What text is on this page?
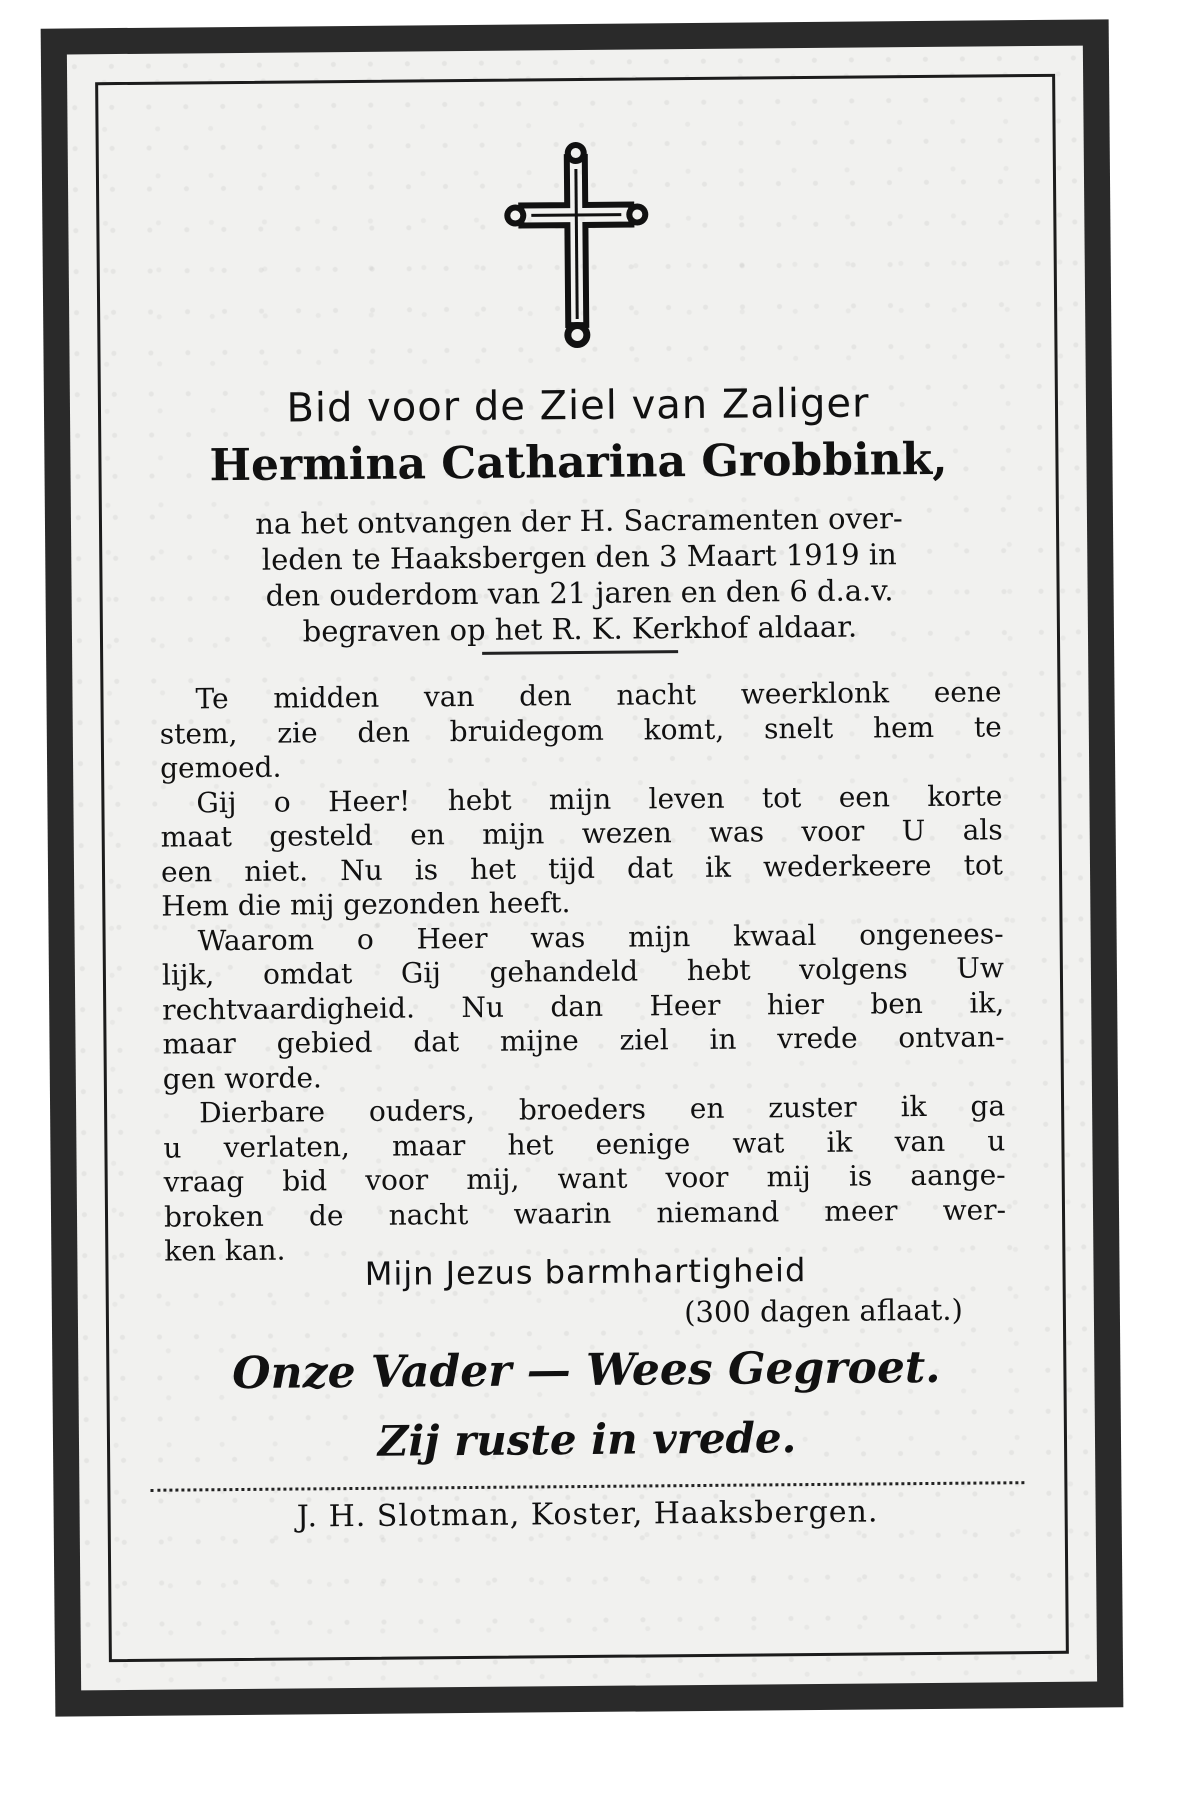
Bid voor de Ziel van Zaliger
Hermina Catharina Grobbink,
na het ontvangen der H. Sacramenten over-
leden te Haaksbergen den 3 Maart 1919 in
den ouderdom van 21 jaren en den 6 d.a.v.
begraven op het R. K. Kerkhof aldaar.
Te midden van den nacht weerklonk eene
stem, zie den bruidegom komt, snelt hem te
gemoed.
Gij o Heer! hebt mijn leven tot een korte
maat gesteld en mijn wezen was voor U als
een niet. Nu is het tijd dat ik wederkeere tot
Hem die mij gezonden heeft.
Waarom o Heer was mijn kwaal ongenees-
lijk, omdat Gij gehandeld hebt volgens Uw
rechtvaardigheid. Nu dan Heer hier ben ik,
maar gebied dat mijne ziel in vrede ontvan-
gen worde.
Dierbare ouders, broeders en zuster ik ga
u verlaten, maar het eenige wat ik van u
vraag bid voor mij, want voor mij is aange-
broken de nacht waarin niemand meer wer-
ken kan.
Mijn Jezus barmhartigheid
(300 dagen aflaat.)
Onze Vader — Wees Gegroet.
Zij ruste in vrede.
J. H. Slotman, Koster, Haaksbergen.
